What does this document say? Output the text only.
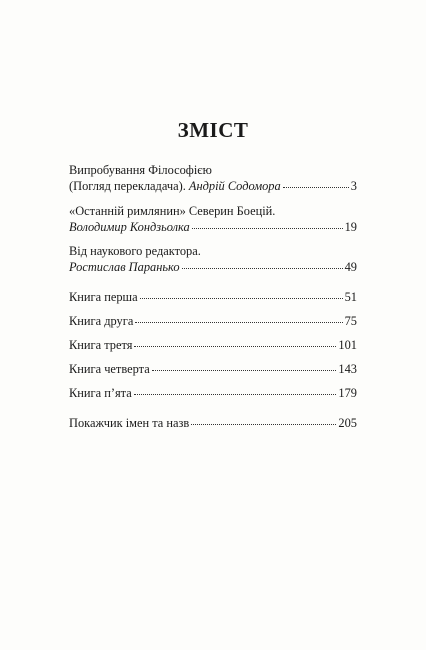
ЗМІСТ
Випробування Філософією
(Погляд перекладача). Андрій Содомора	3
«Останній римлянин» Северин Боецій.
Володимир Кондзьолка	19
Від наукового редактора.
Ростислав Паранько	49
Книга перша	51
Книга друга	75
Книга третя	101
Книга четверта	143
Книга п’ята	179
Покажчик імен та назв	205
